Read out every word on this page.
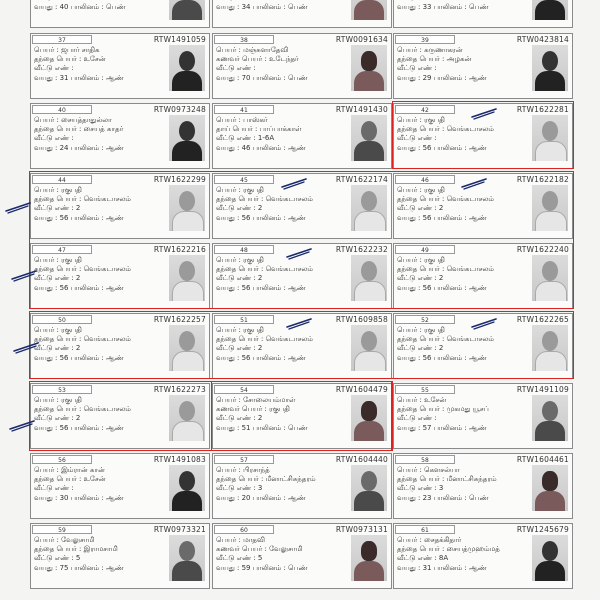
வயது : 40 பாலினம் : பெண்	வயது : 34 பாலினம் : பெண்	வயது : 33 பாலினம் : பெண்
37	RTW1491059
பெயர் : ஜபார் சாதிக
தந்தை பெயர் : உசேன்
வீட்டு எண் :
வயது : 31 பாலினம் : ஆண்
38	RTW0091634
பெயர் : மஞ்சுளாதேவி
கணவர் பெயர் : உடேந்தர்
வீட்டு எண் :
வயது : 70 பாலினம் : பெண்
39	RTW0423814
பெயர் : கருணாகரன்
தந்தை பெயர் : அழகன்
வீட்டு எண் :
வயது : 29 பாலினம் : ஆண்
40	RTW0973248
பெயர் : சையத்தாதுல்லா
தந்தை பெயர் : சையத் காதர்
வீட்டு எண் :
வயது : 24 பாலினம் : ஆண்
41	RTW1491430
பெயர் : பாஸ்கர்
தாய் பெயர் : பாப்பாக்காள்
வீட்டு எண் : 1-6A
வயது : 46 பாலினம் : ஆண்
42	RTW1622281
பெயர் : ரகுபதி
தந்தை பெயர் : வெங்கடாசலம்
வீட்டு எண் :
வயது : 56 பாலினம் : ஆண்
44	RTW1622299
பெயர் : ரகுபதி
தந்தை பெயர் : வெங்கடாசலம்
வீட்டு எண் : 2
வயது : 56 பாலினம் : ஆண்
45	RTW1622174
பெயர் : ரகுபதி
தந்தை பெயர் : வெங்கடாசலம்
வீட்டு எண் : 2
வயது : 56 பாலினம் : ஆண்
46	RTW1622182
பெயர் : ரகுபதி
தந்தை பெயர் : வெங்கடாசலம்
வீட்டு எண் : 2
வயது : 56 பாலினம் : ஆண்
47	RTW1622216
பெயர் : ரகுபதி
தந்தை பெயர் : வெங்கடாசலம்
வீட்டு எண் : 2
வயது : 56 பாலினம் : ஆண்
48	RTW1622232
பெயர் : ரகுபதி
தந்தை பெயர் : வெங்கடாசலம்
வீட்டு எண் : 2
வயது : 56 பாலினம் : ஆண்
49	RTW1622240
பெயர் : ரகுபதி
தந்தை பெயர் : வெங்கடாசலம்
வீட்டு எண் : 2
வயது : 56 பாலினம் : ஆண்
50	RTW1622257
பெயர் : ரகுபதி
தந்தை பெயர் : வெங்கடாசலம்
வீட்டு எண் : 2
வயது : 56 பாலினம் : ஆண்
51	RTW1609858
பெயர் : ரகுபதி
தந்தை பெயர் : வெங்கடாசலம்
வீட்டு எண் : 2
வயது : 56 பாலினம் : ஆண்
52	RTW1622265
பெயர் : ரகுபதி
தந்தை பெயர் : வெங்கடாசலம்
வீட்டு எண் : 2
வயது : 56 பாலினம் : ஆண்
53	RTW1622273
பெயர் : ரகுபதி
தந்தை பெயர் : வெங்கடாசலம்
வீட்டு எண் : 2
வயது : 56 பாலினம் : ஆண்
54	RTW1604479
பெயர் : சோலையம்மாள்
கணவர் பெயர் : ரகுபதி
வீட்டு எண் : 2
வயது : 51 பாலினம் : பெண்
55	RTW1491109
பெயர் : உசேன்
தந்தை பெயர் : முகமது யூசப்
வீட்டு எண் :
வயது : 57 பாலினம் : ஆண்
56	RTW1491083
பெயர் : இம்ரான் கான்
தந்தை பெயர் : உசேன்
வீட்டு எண் :
வயது : 30 பாலினம் : ஆண்
57	RTW1604440
பெயர் : பிரசாந்த்
தந்தை பெயர் : மீனாட்சிசுந்தரம்
வீட்டு எண் : 3
வயது : 20 பாலினம் : ஆண்
58	RTW1604461
பெயர் : கௌசல்யா
தந்தை பெயர் : மீனாட்சிசுந்தரம்
வீட்டு எண் : 3
வயது : 23 பாலினம் : பெண்
59	RTW0973321
பெயர் : வேலுசாமி
தந்தை பெயர் : இராமசாமி
வீட்டு எண் : 5
வயது : 75 பாலினம் : ஆண்
60	RTW0973131
பெயர் : மாதவி
கணவர் பெயர் : வேலுசாமி
வீட்டு எண் : 5
வயது : 59 பாலினம் : பெண்
61	RTW1245679
பெயர் : சைதக்கிதார்
தந்தை பெயர் : சையத்முஹம்மத்
வீட்டு எண் : 8A
வயது : 31 பாலினம் : ஆண்
